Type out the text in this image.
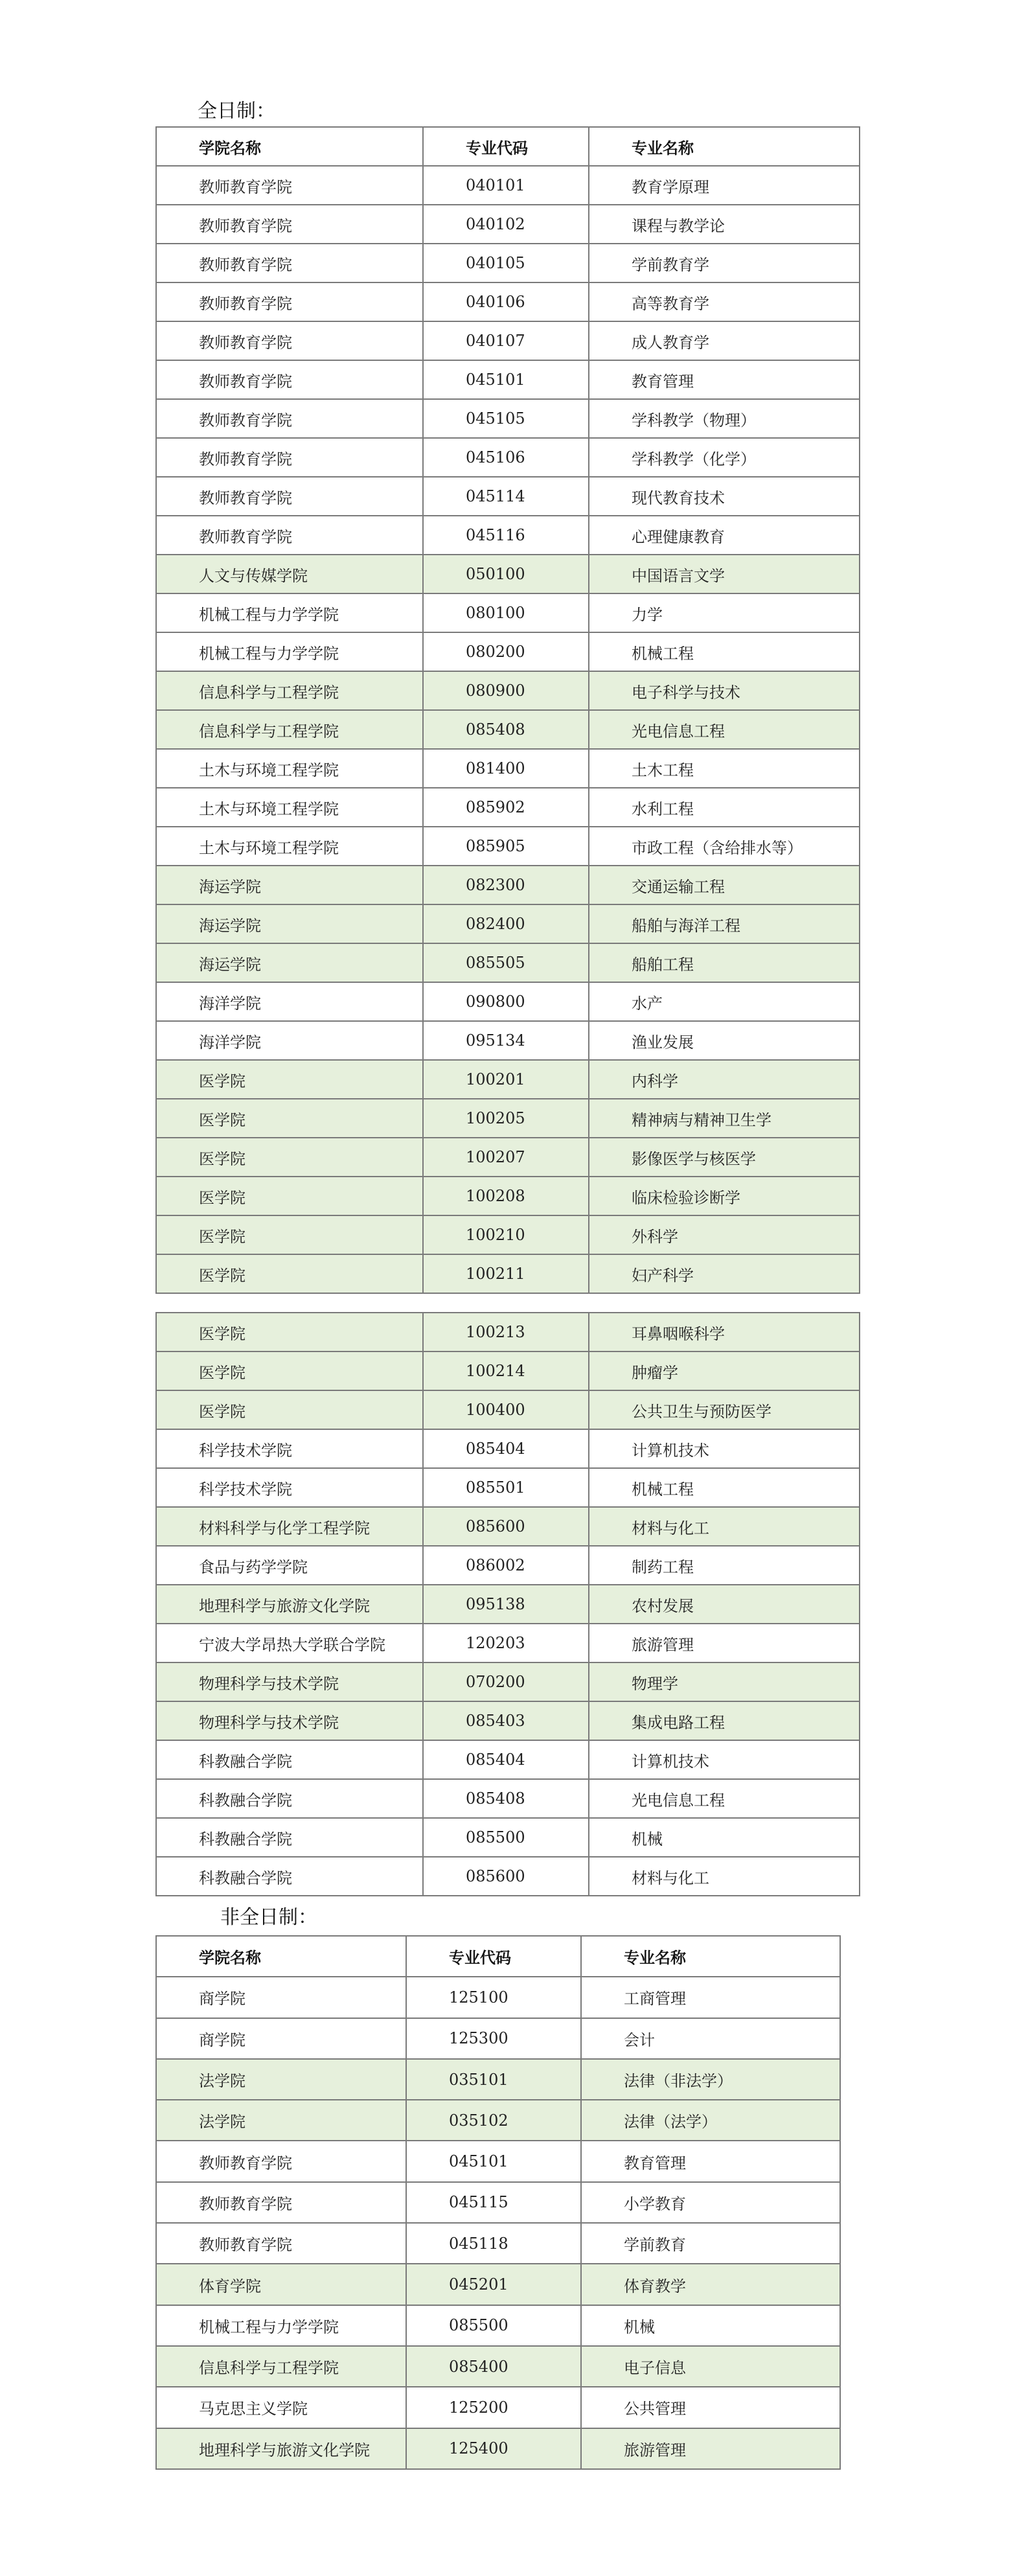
全日制：
学院名称	专业代码	专业名称
教师教育学院	040101	教育学原理
教师教育学院	040102	课程与教学论
教师教育学院	040105	学前教育学
教师教育学院	040106	高等教育学
教师教育学院	040107	成人教育学
教师教育学院	045101	教育管理
教师教育学院	045105	学科教学（物理）
教师教育学院	045106	学科教学（化学）
教师教育学院	045114	现代教育技术
教师教育学院	045116	心理健康教育
人文与传媒学院	050100	中国语言文学
机械工程与力学学院	080100	力学
机械工程与力学学院	080200	机械工程
信息科学与工程学院	080900	电子科学与技术
信息科学与工程学院	085408	光电信息工程
土木与环境工程学院	081400	土木工程
土木与环境工程学院	085902	水利工程
土木与环境工程学院	085905	市政工程（含给排水等）
海运学院	082300	交通运输工程
海运学院	082400	船舶与海洋工程
海运学院	085505	船舶工程
海洋学院	090800	水产
海洋学院	095134	渔业发展
医学院	100201	内科学
医学院	100205	精神病与精神卫生学
医学院	100207	影像医学与核医学
医学院	100208	临床检验诊断学
医学院	100210	外科学
医学院	100211	妇产科学
医学院	100213	耳鼻咽喉科学
医学院	100214	肿瘤学
医学院	100400	公共卫生与预防医学
科学技术学院	085404	计算机技术
科学技术学院	085501	机械工程
材料科学与化学工程学院	085600	材料与化工
食品与药学学院	086002	制药工程
地理科学与旅游文化学院	095138	农村发展
宁波大学昂热大学联合学院	120203	旅游管理
物理科学与技术学院	070200	物理学
物理科学与技术学院	085403	集成电路工程
科教融合学院	085404	计算机技术
科教融合学院	085408	光电信息工程
科教融合学院	085500	机械
科教融合学院	085600	材料与化工
非全日制：
学院名称	专业代码	专业名称
商学院	125100	工商管理
商学院	125300	会计
法学院	035101	法律（非法学）
法学院	035102	法律（法学）
教师教育学院	045101	教育管理
教师教育学院	045115	小学教育
教师教育学院	045118	学前教育
体育学院	045201	体育教学
机械工程与力学学院	085500	机械
信息科学与工程学院	085400	电子信息
马克思主义学院	125200	公共管理
地理科学与旅游文化学院	125400	旅游管理
